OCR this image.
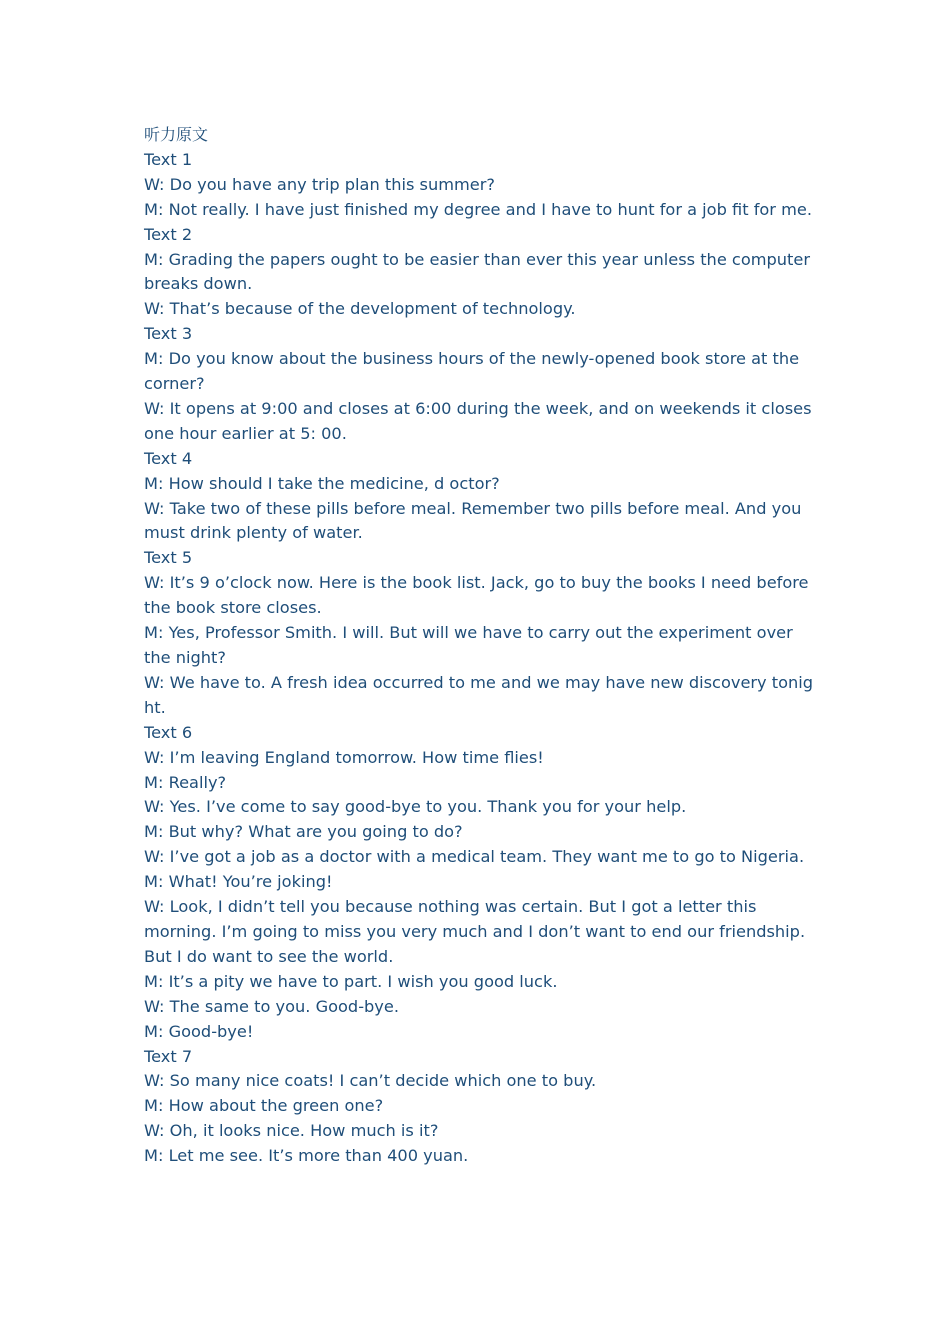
听力原文
Text 1
W: Do you have any trip plan this summer?
M: Not really. I have just finished my degree and I have to hunt for a job fit for me.
Text 2
M: Grading the papers ought to be easier than ever this year unless the computer breaks down.
W: That’s because of the development of technology.
Text 3
M: Do you know about the business hours of the newly-opened book store at the corner?
W: It opens at 9:00 and closes at 6:00 during the week, and on weekends it closes one hour earlier at 5: 00.
Text 4
M: How should I take the medicine, d octor?
W: Take two of these pills before meal. Remember two pills before meal. And you must drink plenty of water.
Text 5
W: It’s 9 o’clock now. Here is the book list. Jack, go to buy the books I need before the book store closes.
M: Yes, Professor Smith. I will. But will we have to carry out the experiment over the night?
W: We have to. A fresh idea occurred to me and we may have new discovery tonig ht.
Text 6
W: I’m leaving England tomorrow. How time flies!
M: Really?
W: Yes. I’ve come to say good-bye to you. Thank you for your help.
M: But why? What are you going to do?
W: I’ve got a job as a doctor with a medical team. They want me to go to Nigeria.
M: What! You’re joking!
W: Look, I didn’t tell you because nothing was certain. But I got a letter this morning. I’m going to miss you very much and I don’t want to end our friendship. But I do want to see the world.
M: It’s a pity we have to part. I wish you good luck.
W: The same to you. Good-bye.
M: Good-bye!
Text 7
W: So many nice coats! I can’t decide which one to buy.
M: How about the green one?
W: Oh, it looks nice. How much is it?
M: Let me see. It’s more than 400 yuan.
